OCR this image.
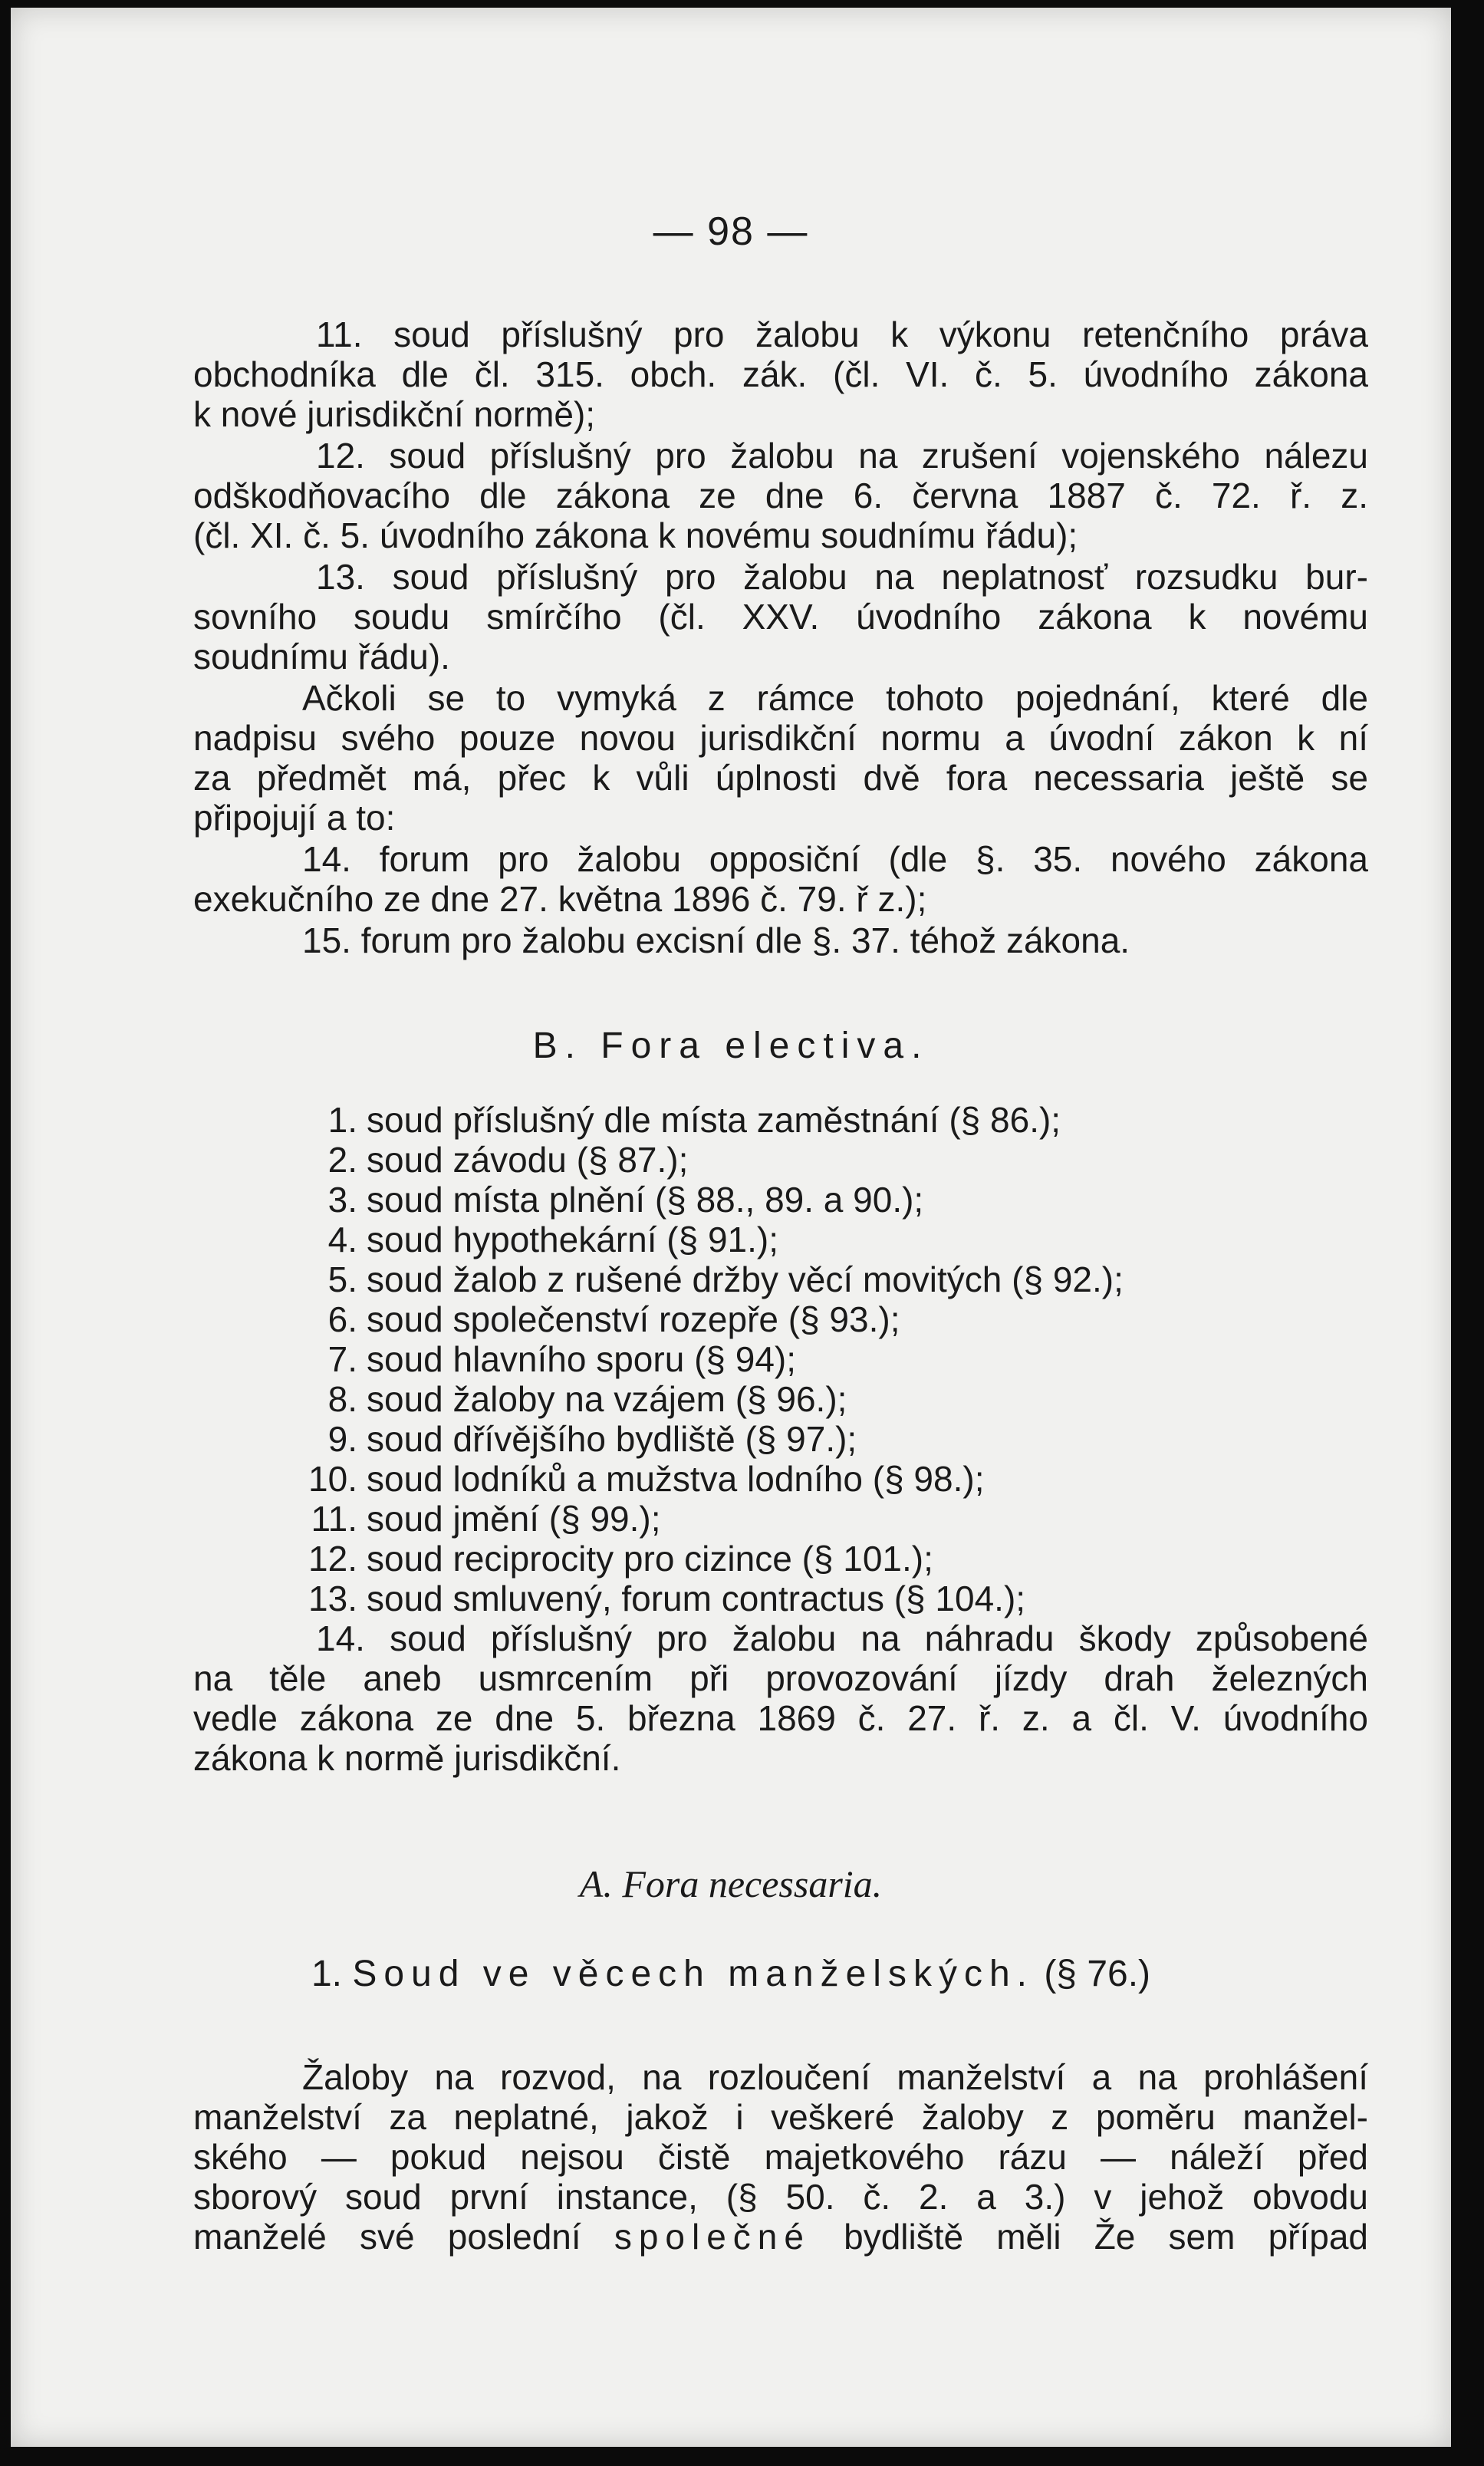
— 98 —
11. soud příslušný pro žalobu k výkonu retenčního práva
obchodníka dle čl. 315. obch. zák. (čl. VI. č. 5. úvodního zákona
k nové jurisdikční normě);
12. soud příslušný pro žalobu na zrušení vojenského nálezu
odškodňovacího dle zákona ze dne 6. června 1887 č. 72. ř. z.
(čl. XI. č. 5. úvodního zákona k novému soudnímu řádu);
13. soud příslušný pro žalobu na neplatnosť rozsudku bur-
sovního soudu smírčího (čl. XXV. úvodního zákona k novému
soudnímu řádu).
Ačkoli se to vymyká z rámce tohoto pojednání, které dle
nadpisu svého pouze novou jurisdikční normu a úvodní zákon k ní
za předmět má, přec k vůli úplnosti dvě fora necessaria ještě se
připojují a to:
14. forum pro žalobu opposiční (dle §. 35. nového zákona
exekučního ze dne 27. května 1896 č. 79. ř z.);
15. forum pro žalobu excisní dle §. 37. téhož zákona.
B. Fora electiva.
1. soud příslušný dle místa zaměstnání (§ 86.);
2. soud závodu (§ 87.);
3. soud místa plnění (§ 88., 89. a 90.);
4. soud hypothekární (§ 91.);
5. soud žalob z rušené držby věcí movitých (§ 92.);
6. soud společenství rozepře (§ 93.);
7. soud hlavního sporu (§ 94);
8. soud žaloby na vzájem (§ 96.);
9. soud dřívějšího bydliště (§ 97.);
10. soud lodníků a mužstva lodního (§ 98.);
11. soud jmění (§ 99.);
12. soud reciprocity pro cizince (§ 101.);
13. soud smluvený, forum contractus (§ 104.);
14. soud příslušný pro žalobu na náhradu škody způsobené
na těle aneb usmrcením při provozování jízdy drah železných
vedle zákona ze dne 5. března 1869 č. 27. ř. z. a čl. V. úvodního
zákona k normě jurisdikční.
A. Fora necessaria.
1. Soud ve věcech manželských. (§ 76.)
Žaloby na rozvod, na rozloučení manželství a na prohlášení
manželství za neplatné, jakož i veškeré žaloby z poměru manžel-
ského — pokud nejsou čistě majetkového rázu — náleží před
sborový soud první instance, (§ 50. č. 2. a 3.) v jehož obvodu
manželé své poslední společné bydliště měli Že sem případ
